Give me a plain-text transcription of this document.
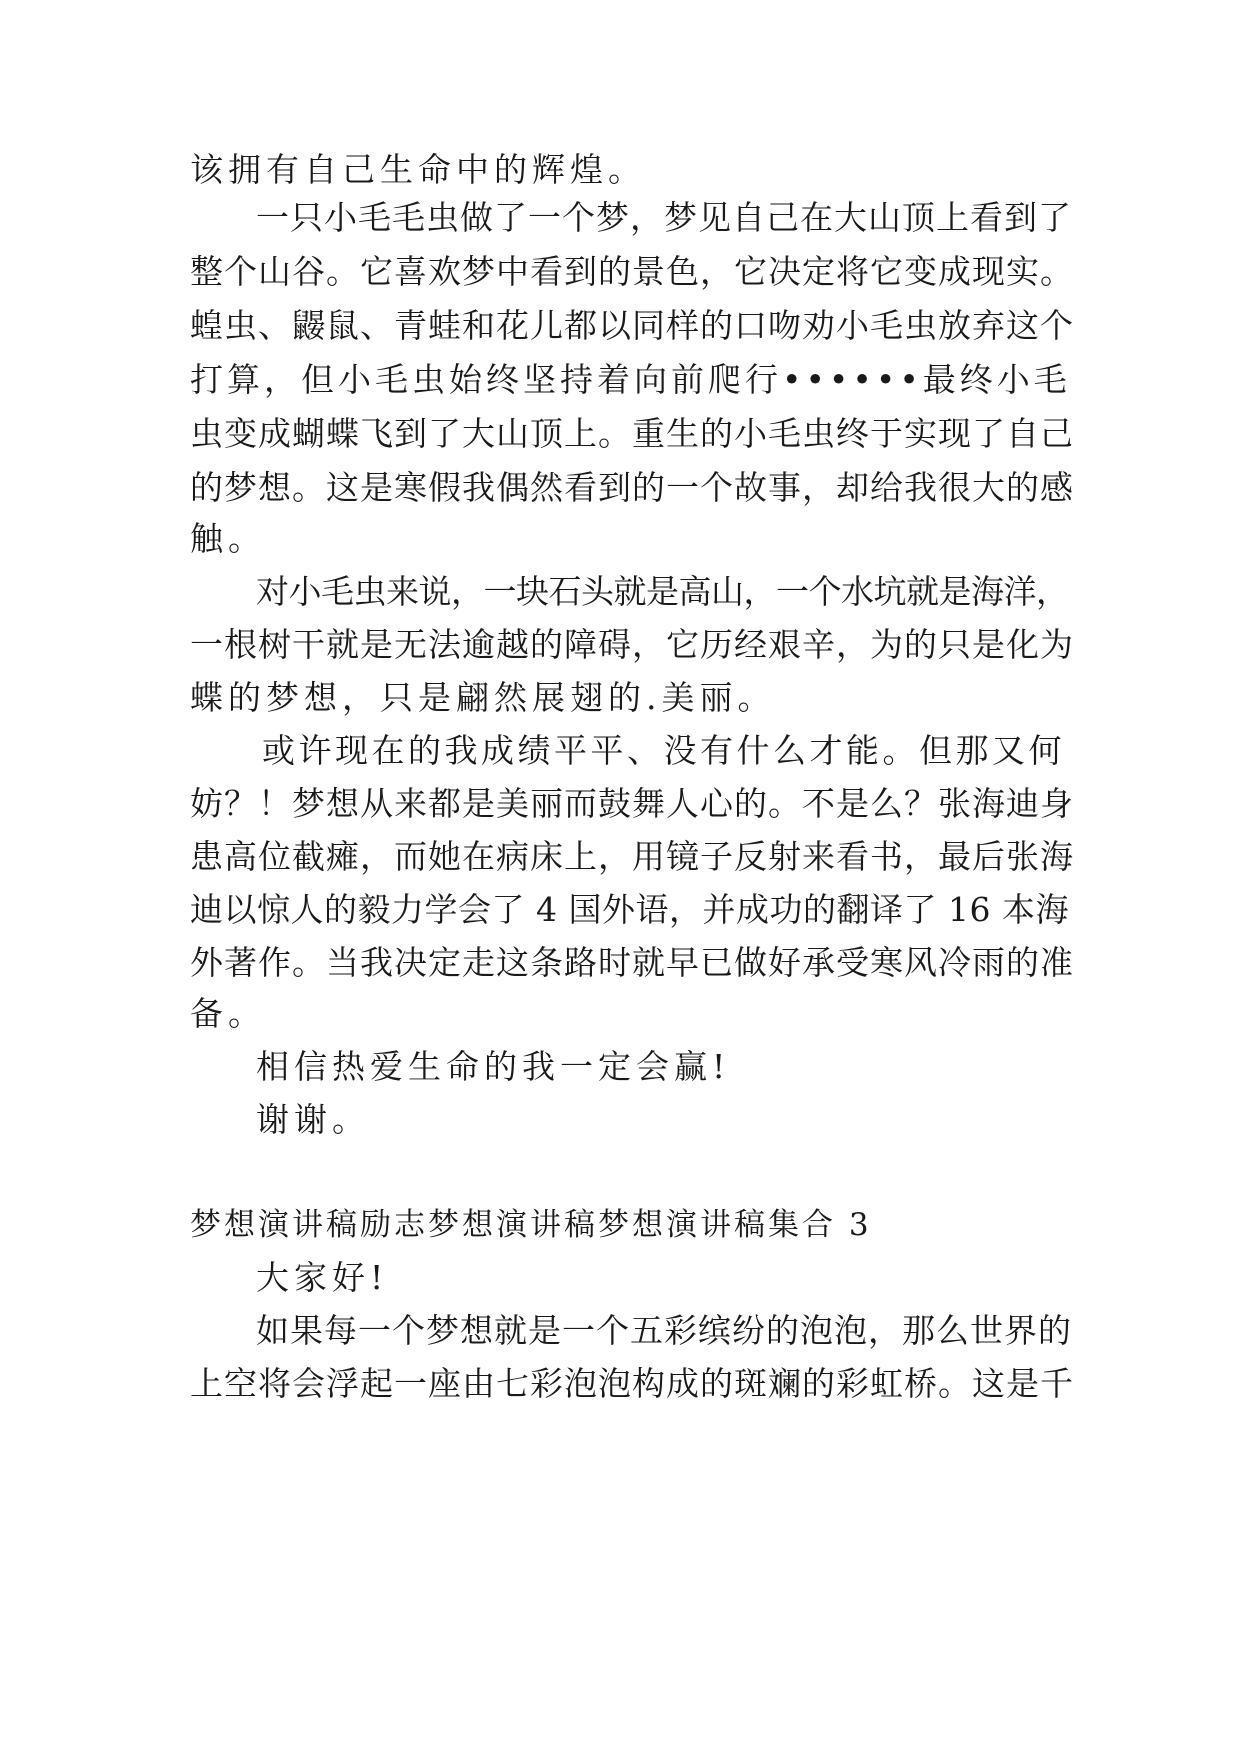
该拥有自己生命中的辉煌。
一只小毛毛虫做了一个梦，梦见自己在大山顶上看到了
整个山谷。它喜欢梦中看到的景色，它决定将它变成现实。
蝗虫、鼹鼠、青蛙和花儿都以同样的口吻劝小毛虫放弃这个
打算，但小毛虫始终坚持着向前爬行••••••最终小毛
虫变成蝴蝶飞到了大山顶上。重生的小毛虫终于实现了自己
的梦想。这是寒假我偶然看到的一个故事，却给我很大的感
触。
对小毛虫来说，一块石头就是高山，一个水坑就是海洋，
一根树干就是无法逾越的障碍，它历经艰辛，为的只是化为
蝶的梦想，只是翩然展翅的.美丽。
或许现在的我成绩平平、没有什么才能。但那又何
妨？！梦想从来都是美丽而鼓舞人心的。不是么？张海迪身
患高位截瘫，而她在病床上，用镜子反射来看书，最后张海
迪以惊人的毅力学会了 4 国外语，并成功的翻译了 16 本海
外著作。当我决定走这条路时就早已做好承受寒风冷雨的准
备。
相信热爱生命的我一定会赢!
谢谢。
梦想演讲稿励志梦想演讲稿梦想演讲稿集合 3
大家好!
如果每一个梦想就是一个五彩缤纷的泡泡，那么世界的
上空将会浮起一座由七彩泡泡构成的斑斓的彩虹桥。这是千
